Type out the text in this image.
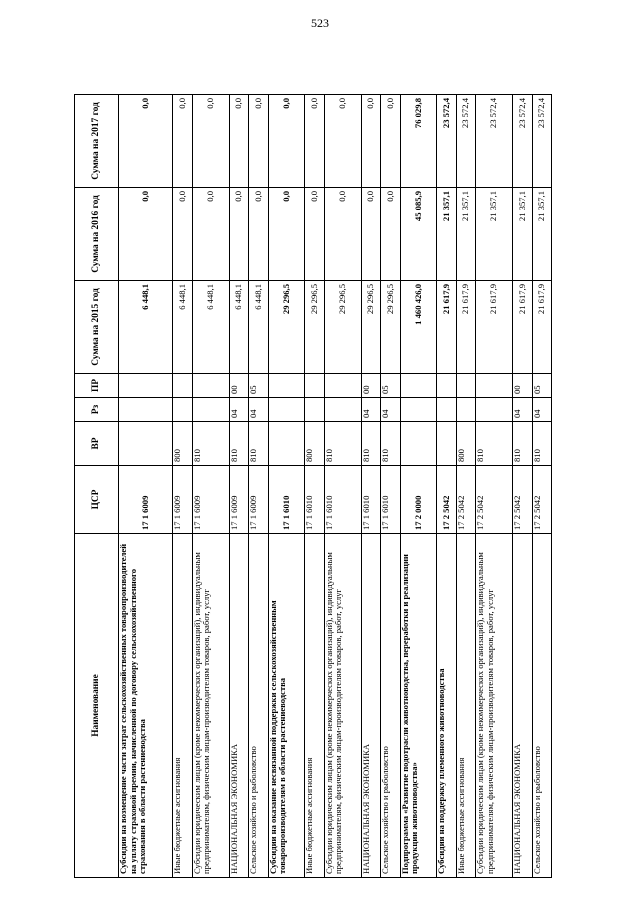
523
Наименование	ЦСР	ВР	Рз	ПР	Сумма на 2015 год	Сумма на 2016 год	Сумма на 2017 год
Субсидии на возмещение части затрат сельскохозяйственных товаропроизводителей на уплату страховой премии, начисленной по договору сельскохозяйственного страхования в области растениеводства	17 1 6009				6 448,1	0,0	0,0
Иные бюджетные ассигнования	17 1 6009	800			6 448,1	0,0	0,0
Субсидии юридическим лицам (кроме некоммерческих организаций), индивидуальным предпринимателям, физическим лицам-производителям товаров, работ, услуг	17 1 6009	810			6 448,1	0,0	0,0
НАЦИОНАЛЬНАЯ ЭКОНОМИКА	17 1 6009	810	04	00	6 448,1	0,0	0,0
Сельское хозяйство и рыболовство	17 1 6009	810	04	05	6 448,1	0,0	0,0
Субсидии на оказание несвязанной поддержки сельскохозяйственным товаропроизводителям в области растениеводства	17 1 6010				29 296,5	0,0	0,0
Иные бюджетные ассигнования	17 1 6010	800			29 296,5	0,0	0,0
Субсидии юридическим лицам (кроме некоммерческих организаций), индивидуальным предпринимателям, физическим лицам-производителям товаров, работ, услуг	17 1 6010	810			29 296,5	0,0	0,0
НАЦИОНАЛЬНАЯ ЭКОНОМИКА	17 1 6010	810	04	00	29 296,5	0,0	0,0
Сельское хозяйство и рыболовство	17 1 6010	810	04	05	29 296,5	0,0	0,0
Подпрограмма «Развитие подотрасли животноводства, переработки и реализации продукции животноводства»	17 2 0000				1 460 426,0	45 085,9	76 029,8
Субсидии на поддержку племенного животноводства	17 2 5042				21 617,9	21 357,1	23 572,4
Иные бюджетные ассигнования	17 2 5042	800			21 617,9	21 357,1	23 572,4
Субсидии юридическим лицам (кроме некоммерческих организаций), индивидуальным предпринимателям, физическим лицам-производителям товаров, работ, услуг	17 2 5042	810			21 617,9	21 357,1	23 572,4
НАЦИОНАЛЬНАЯ ЭКОНОМИКА	17 2 5042	810	04	00	21 617,9	21 357,1	23 572,4
Сельское хозяйство и рыболовство	17 2 5042	810	04	05	21 617,9	21 357,1	23 572,4
